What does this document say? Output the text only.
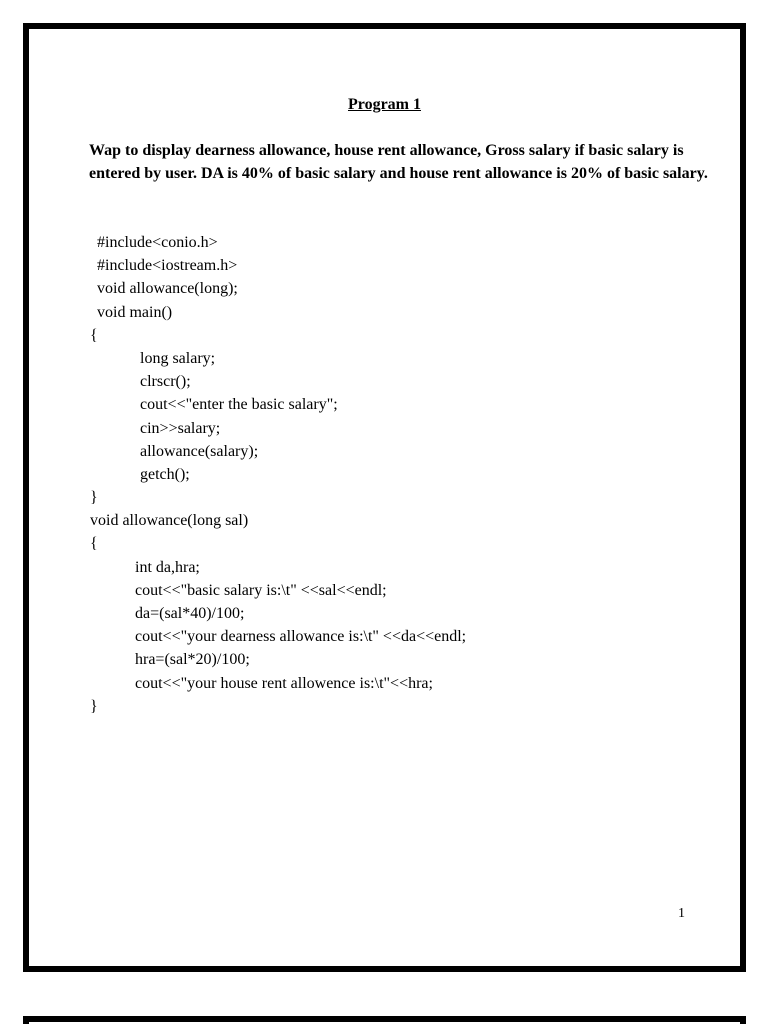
Program 1

Wap to display dearness allowance, house rent allowance, Gross salary if basic salary is entered by user. DA is 40% of basic salary and house rent allowance is 20% of basic salary.

#include<conio.h>
#include<iostream.h>
void allowance(long);
void main()
{
long salary;
clrscr();
cout<<"enter the basic salary";
cin>>salary;
allowance(salary);
getch();
}
void allowance(long sal)
{
int da,hra;
cout<<"basic salary is:\t" <<sal<<endl;
da=(sal*40)/100;
cout<<"your dearness allowance is:\t" <<da<<endl;
hra=(sal*20)/100;
cout<<"your house rent allowence is:\t"<<hra;
}
1
